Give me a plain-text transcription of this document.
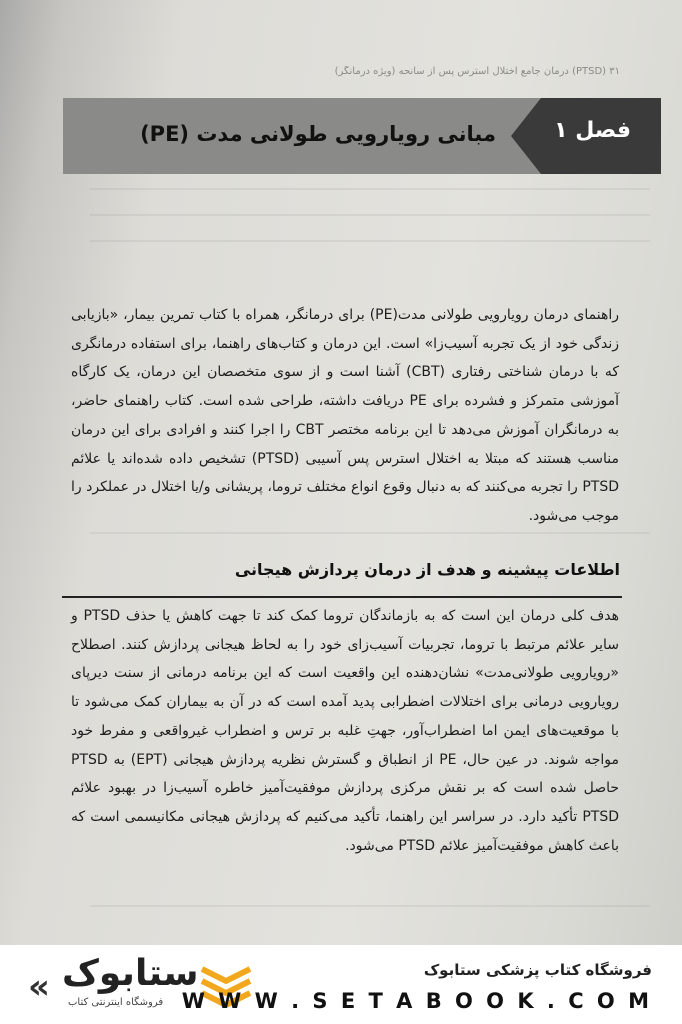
۳۱ (PTSD) درمان جامع اختلال استرس پس از سانحه (ویژه درمانگر)
فصل ۱
مبانی رویارویی طولانی مدت (PE)
راهنمای درمان رویارویی طولانی مدت(PE) برای درمانگر، همراه با کتاب تمرین بیمار، «بازیابی زندگی خود از یک تجربه آسیب‌زا» است. این درمان و کتاب‌های راهنما، برای استفاده درمانگری که با درمان شناختی رفتاری (CBT) آشنا است و از سوی متخصصان این درمان، یک کارگاه آموزشی متمرکز و فشرده برای PE دریافت داشته، طراحی شده است. کتاب راهنمای حاضر، به درمانگران آموزش می‌دهد تا این برنامه مختصر CBT را اجرا کنند و افرادی برای این درمان مناسب هستند که مبتلا به اختلال استرس پس آسیبی (PTSD) تشخیص داده شده‌اند یا علائم PTSD را تجربه می‌کنند که به دنبال وقوع انواع مختلف تروما، پریشانی و/یا اختلال در عملکرد را موجب می‌شود.
اطلاعات پیشینه و هدف از درمان پردازش هیجانی
هدف کلی درمان این است که به بازماندگان تروما کمک کند تا جهت کاهش یا حذف PTSD و سایر علائم مرتبط با تروما، تجربیات آسیب‌زای خود را به لحاظ هیجانی پردازش کنند. اصطلاح «رویارویی طولانی‌مدت» نشان‌دهنده این واقعیت است که این برنامه درمانی از سنت دیرپای رویارویی درمانی برای اختلالات اضطرابی پدید آمده است که در آن به بیماران کمک می‌شود تا با موقعیت‌های ایمن اما اضطراب‌آور، جهتِ غلبه بر ترس و اضطراب غیرواقعی و مفرط خود مواجه شوند. در عین حال، PE از انطباق و گسترش نظریه پردازش هیجانی (EPT) به PTSD حاصل شده است که بر نقش مرکزی پردازش موفقیت‌آمیز خاطره آسیب‌زا در بهبود علائم PTSD تأکید دارد. در سراسر این راهنما، تأکید می‌کنیم که پردازش هیجانی مکانیسمی است که باعث کاهش موفقیت‌آمیز علائم PTSD می‌شود.
« ستابوک
فروشگاه اینترنتی کتاب
فروشگاه کتاب پزشکی ستابوک
W W W . S E T A B O O K . C O M
